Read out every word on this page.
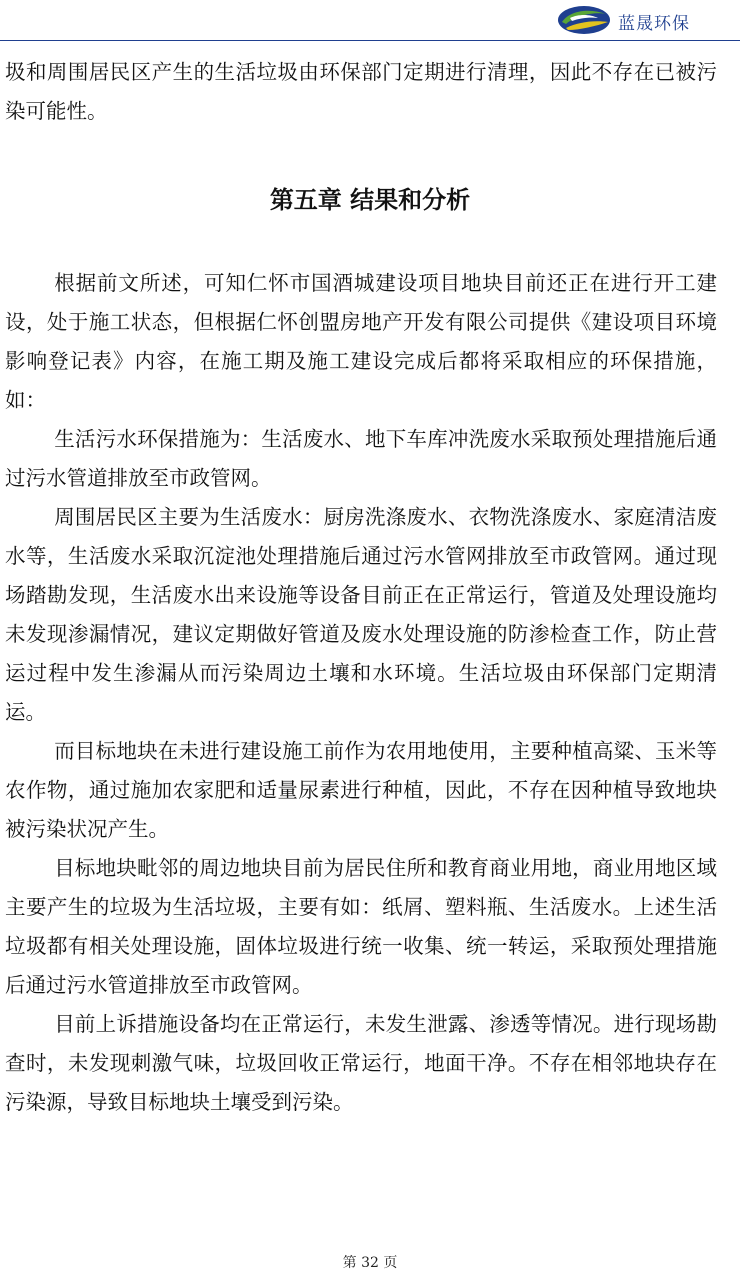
蓝晟环保

圾和周围居民区产生的生活垃圾由环保部门定期进行清理，因此不存在已被污染可能性。

第五章 结果和分析

根据前文所述，可知仁怀市国酒城建设项目地块目前还正在进行开工建设，处于施工状态，但根据仁怀创盟房地产开发有限公司提供《建设项目环境影响登记表》内容，在施工期及施工建设完成后都将采取相应的环保措施，如：

生活污水环保措施为：生活废水、地下车库冲洗废水采取预处理措施后通过污水管道排放至市政管网。

周围居民区主要为生活废水：厨房洗涤废水、衣物洗涤废水、家庭清洁废水等，生活废水采取沉淀池处理措施后通过污水管网排放至市政管网。通过现场踏勘发现，生活废水出来设施等设备目前正在正常运行，管道及处理设施均未发现渗漏情况，建议定期做好管道及废水处理设施的防渗检查工作，防止营运过程中发生渗漏从而污染周边土壤和水环境。生活垃圾由环保部门定期清运。

而目标地块在未进行建设施工前作为农用地使用，主要种植高粱、玉米等农作物，通过施加农家肥和适量尿素进行种植，因此，不存在因种植导致地块被污染状况产生。

目标地块毗邻的周边地块目前为居民住所和教育商业用地，商业用地区域主要产生的垃圾为生活垃圾，主要有如：纸屑、塑料瓶、生活废水。上述生活垃圾都有相关处理设施，固体垃圾进行统一收集、统一转运，采取预处理措施后通过污水管道排放至市政管网。

目前上诉措施设备均在正常运行，未发生泄露、渗透等情况。进行现场勘查时，未发现刺激气味，垃圾回收正常运行，地面干净。不存在相邻地块存在污染源，导致目标地块土壤受到污染。

第 32 页
